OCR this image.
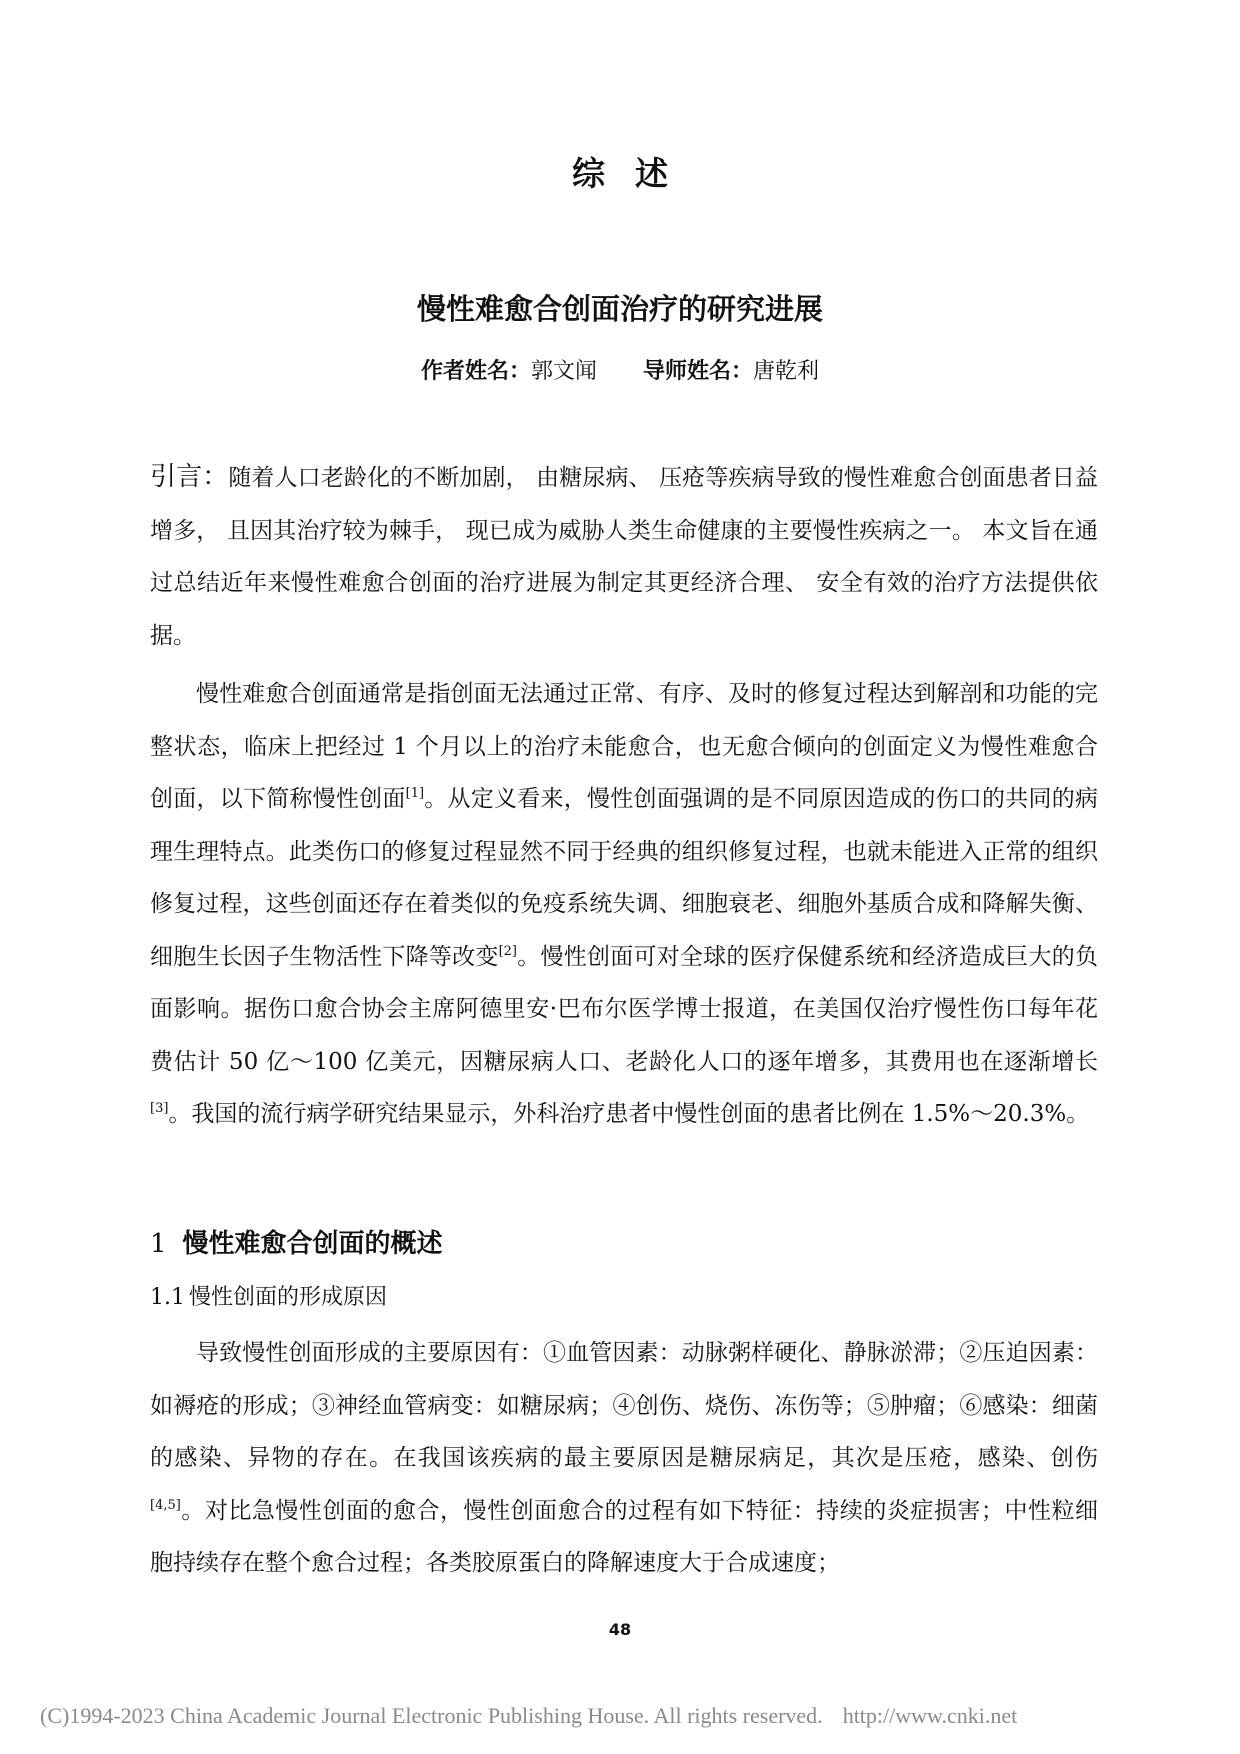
综述
慢性难愈合创面治疗的研究进展
作者姓名：郭文闻 导师姓名：唐乾利

引言：随着人口老龄化的不断加剧， 由糖尿病、 压疮等疾病导致的慢性难愈合创面患者日益增多， 且因其治疗较为棘手， 现已成为威胁人类生命健康的主要慢性疾病之一。 本文旨在通过总结近年来慢性难愈合创面的治疗进展为制定其更经济合理、 安全有效的治疗方法提供依据。

慢性难愈合创面通常是指创面无法通过正常、有序、及时的修复过程达到解剖和功能的完整状态，临床上把经过 1 个月以上的治疗未能愈合，也无愈合倾向的创面定义为慢性难愈合创面，以下简称慢性创面[1]。从定义看来，慢性创面强调的是不同原因造成的伤口的共同的病理生理特点。此类伤口的修复过程显然不同于经典的组织修复过程，也就未能进入正常的组织修复过程，这些创面还存在着类似的免疫系统失调、细胞衰老、细胞外基质合成和降解失衡、细胞生长因子生物活性下降等改变[2]。慢性创面可对全球的医疗保健系统和经济造成巨大的负面影响。据伤口愈合协会主席阿德里安·巴布尔医学博士报道，在美国仅治疗慢性伤口每年花费估计 50 亿～100 亿美元，因糖尿病人口、老龄化人口的逐年增多，其费用也在逐渐增长[3]。我国的流行病学研究结果显示，外科治疗患者中慢性创面的患者比例在 1.5%～20.3%。

1 慢性难愈合创面的概述
1.1 慢性创面的形成原因

导致慢性创面形成的主要原因有：①血管因素：动脉粥样硬化、静脉淤滞；②压迫因素：如褥疮的形成；③神经血管病变：如糖尿病；④创伤、烧伤、冻伤等；⑤肿瘤；⑥感染：细菌的感染、异物的存在。在我国该疾病的最主要原因是糖尿病足，其次是压疮，感染、创伤[4,5]。对比急慢性创面的愈合，慢性创面愈合的过程有如下特征：持续的炎症损害；中性粒细胞持续存在整个愈合过程；各类胶原蛋白的降解速度大于合成速度；

48
(C)1994-2023 China Academic Journal Electronic Publishing House. All rights reserved. http://www.cnki.net
